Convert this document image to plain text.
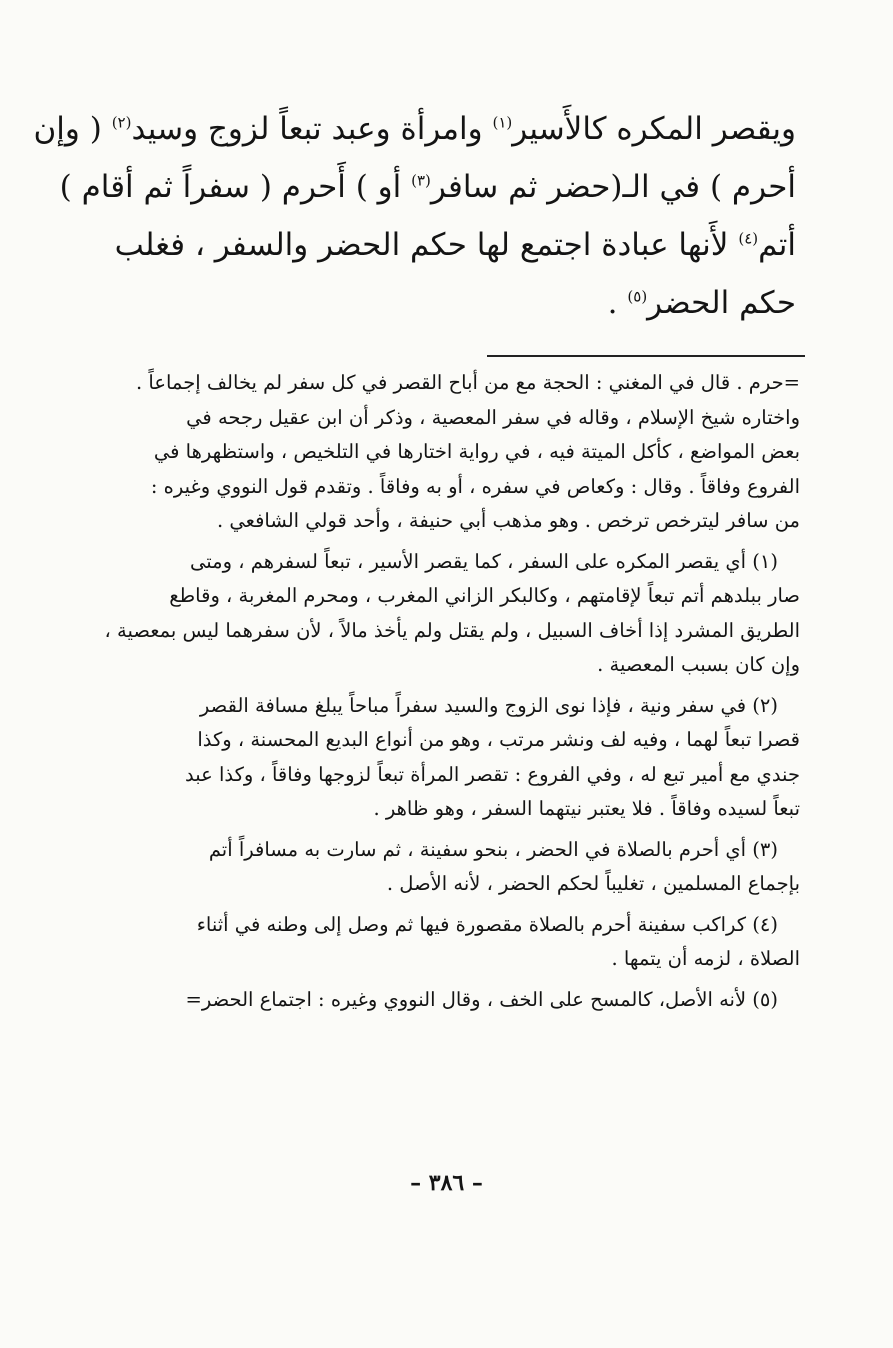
ويقصر المكره كالأَسير$^{(١)}$ وامرأة وعبد تبعاً لزوج وسيد$^{(٢)}$ ( وإن
أحرم ) في الـ(حضر ثم سافر$^{(٣)}$ أو ) أَحرم ( سفراً ثم أقام )
أتم$^{(٤)}$ لأَنها عبادة اجتمع لها حكم الحضر والسفر ، فغلب
حكم الحضر$^{(٥)}$ .
=حرم . قال في المغني : الحجة مع من أباح القصر في كل سفر لم يخالف إجماعاً .
واختاره شيخ الإسلام ، وقاله في سفر المعصية ، وذكر أن ابن عقيل رجحه في
بعض المواضع ، كأكل الميتة فيه ، في رواية اختارها في التلخيص ، واستظهرها في
الفروع وفاقاً . وقال : وكعاص في سفره ، أو به وفاقاً . وتقدم قول النووي وغيره :
من سافر ليترخص ترخص . وهو مذهب أبي حنيفة ، وأحد قولي الشافعي .
(١) أي يقصر المكره على السفر ، كما يقصر الأسير ، تبعاً لسفرهم ، ومتى
صار ببلدهم أتم تبعاً لإقامتهم ، وكالبكر الزاني المغرب ، ومحرم المغربة ، وقاطع
الطريق المشرد إذا أخاف السبيل ، ولم يقتل ولم يأخذ مالاً ، لأن سفرهما ليس بمعصية ،
وإن كان بسبب المعصية .
(٢) في سفر ونية ، فإذا نوى الزوج والسيد سفراً مباحاً يبلغ مسافة القصر
قصرا تبعاً لهما ، وفيه لف ونشر مرتب ، وهو من أنواع البديع المحسنة ، وكذا
جندي مع أمير تبع له ، وفي الفروع : تقصر المرأة تبعاً لزوجها وفاقاً ، وكذا عبد
تبعاً لسيده وفاقاً . فلا يعتبر نيتهما السفر ، وهو ظاهر .
(٣) أي أحرم بالصلاة في الحضر ، بنحو سفينة ، ثم سارت به مسافراً أتم
بإجماع المسلمين ، تغليباً لحكم الحضر ، لأنه الأصل .
(٤) كراكب سفينة أحرم بالصلاة مقصورة فيها ثم وصل إلى وطنه في أثناء
الصلاة ، لزمه أن يتمها .
(٥) لأنه الأصل، كالمسح على الخف ، وقال النووي وغيره : اجتماع الحضر=
– ٣٨٦ –
